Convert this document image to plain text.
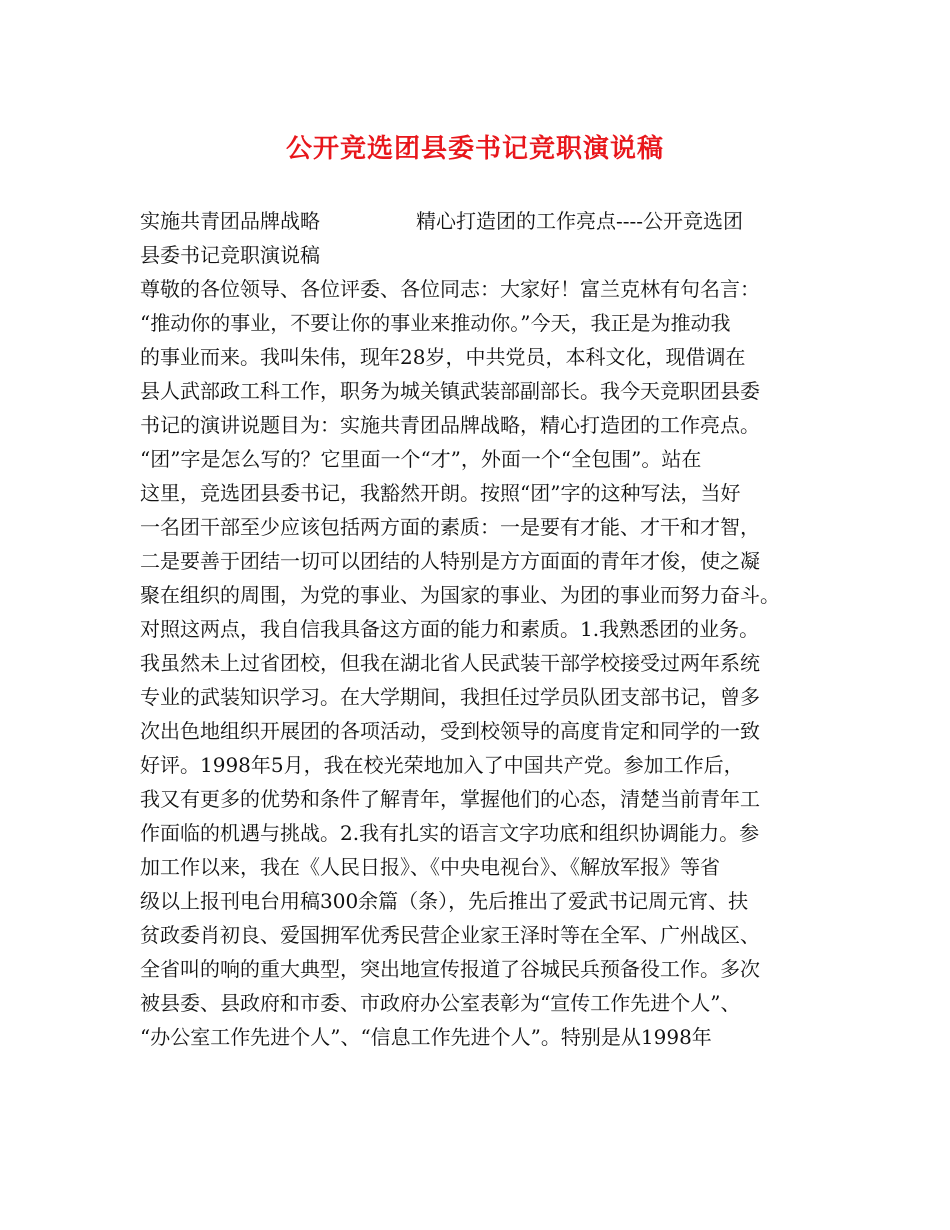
公开竞选团县委书记竞职演说稿
实施共青团品牌战略	精心打造团的工作亮点----公开竞选团
县委书记竞职演说稿
尊敬的各位领导、各位评委、各位同志：大家好！富兰克林有句名言：
“推动你的事业，不要让你的事业来推动你。”今天，我正是为推动我
的事业而来。我叫朱伟，现年28岁，中共党员，本科文化，现借调在
县人武部政工科工作，职务为城关镇武装部副部长。我今天竞职团县委
书记的演讲说题目为：实施共青团品牌战略，精心打造团的工作亮点。
“团”字是怎么写的？它里面一个“才”，外面一个“全包围”。站在
这里，竞选团县委书记，我豁然开朗。按照“团”字的这种写法，当好
一名团干部至少应该包括两方面的素质：一是要有才能、才干和才智，
二是要善于团结一切可以团结的人特别是方方面面的青年才俊，使之凝
聚在组织的周围，为党的事业、为国家的事业、为团的事业而努力奋斗。
对照这两点，我自信我具备这方面的能力和素质。1.我熟悉团的业务。
我虽然未上过省团校，但我在湖北省人民武装干部学校接受过两年系统
专业的武装知识学习。在大学期间，我担任过学员队团支部书记，曾多
次出色地组织开展团的各项活动，受到校领导的高度肯定和同学的一致
好评。1998年5月，我在校光荣地加入了中国共产党。参加工作后，
我又有更多的优势和条件了解青年，掌握他们的心态，清楚当前青年工
作面临的机遇与挑战。2.我有扎实的语言文字功底和组织协调能力。参
加工作以来，我在《人民日报》、《中央电视台》、《解放军报》等省
级以上报刊电台用稿300余篇（条），先后推出了爱武书记周元宵、扶
贫政委肖初良、爱国拥军优秀民营企业家王泽时等在全军、广州战区、
全省叫的响的重大典型，突出地宣传报道了谷城民兵预备役工作。多次
被县委、县政府和市委、市政府办公室表彰为“宣传工作先进个人”、
“办公室工作先进个人”、“信息工作先进个人”。特别是从1998年
